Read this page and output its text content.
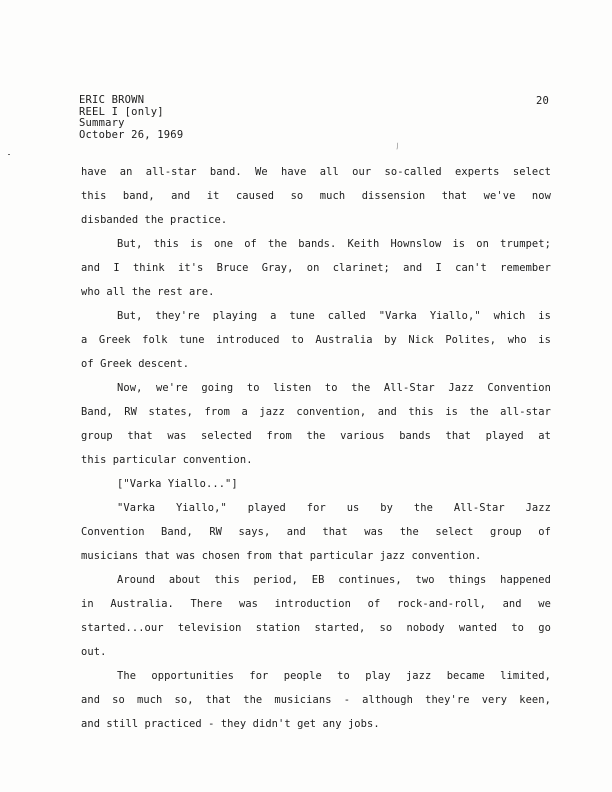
ERIC BROWN
REEL I [only]
Summary
October 26, 1969
20
⁄
have an all-star band. We have all our so-called experts select
this band, and it caused so much dissension that we've now
disbanded the practice.
But, this is one of the bands. Keith Hownslow is on trumpet;
and I think it's Bruce Gray, on clarinet; and I can't remember
who all the rest are.
But, they're playing a tune called "Varka Yiallo," which is
a Greek folk tune introduced to Australia by Nick Polites, who is
of Greek descent.
Now, we're going to listen to the All-Star Jazz Convention
Band, RW states, from a jazz convention, and this is the all-star
group that was selected from the various bands that played at
this particular convention.
["Varka Yiallo..."]
"Varka Yiallo," played for us by the All-Star Jazz
Convention Band, RW says, and that was the select group of
musicians that was chosen from that particular jazz convention.
Around about this period, EB continues, two things happened
in Australia. There was introduction of rock-and-roll, and we
started...our television station started, so nobody wanted to go
out.
The opportunities for people to play jazz became limited,
and so much so, that the musicians - although they're very keen,
and still practiced - they didn't get any jobs.
